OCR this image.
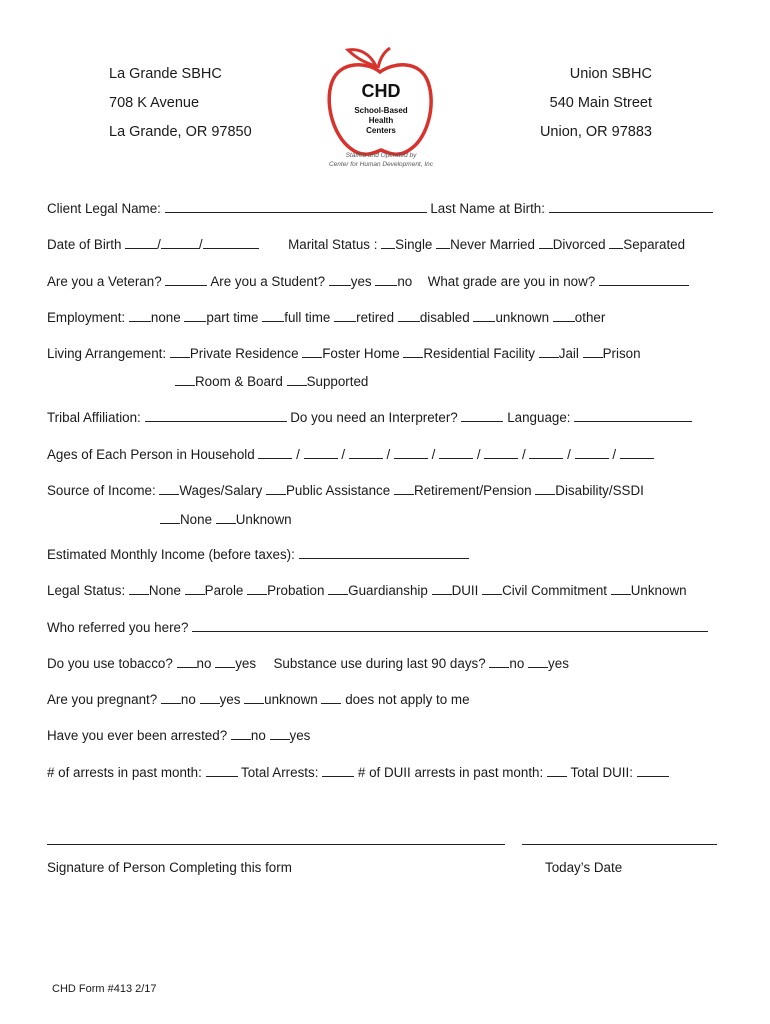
La Grande SBHC
708 K Avenue
La Grande, OR 97850
Union SBHC
540 Main Street
Union, OR 97883
CHD
School-Based
Health
Centers
Staffed and Operated by
Center for Human Development, Inc
Client Legal Name:	Last Name at Birth:
Date of Birth	/	/	Marital Status : Single Never Married Divorced Separated
Are you a Veteran?	Are you a Student? yes no What grade are you in now?
Employment: none part time full time retired disabled unknown other
Living Arrangement: Private Residence Foster Home Residential Facility Jail Prison
Room & Board Supported
Tribal Affiliation:	Do you need an Interpreter?	Language:
Ages of Each Person in Household	/	/	/	/	/	/	/	/
Source of Income: Wages/Salary Public Assistance Retirement/Pension Disability/SSDI
None Unknown
Estimated Monthly Income (before taxes):
Legal Status: None Parole Probation Guardianship DUII Civil Commitment Unknown
Who referred you here?
Do you use tobacco? no yes Substance use during last 90 days? no yes
Are you pregnant? no yes unknown does not apply to me
Have you ever been arrested? no yes
# of arrests in past month:	Total Arrests:	# of DUII arrests in past month: Total DUII:
Signature of Person Completing this form	Today’s Date
CHD Form #413 2/17
